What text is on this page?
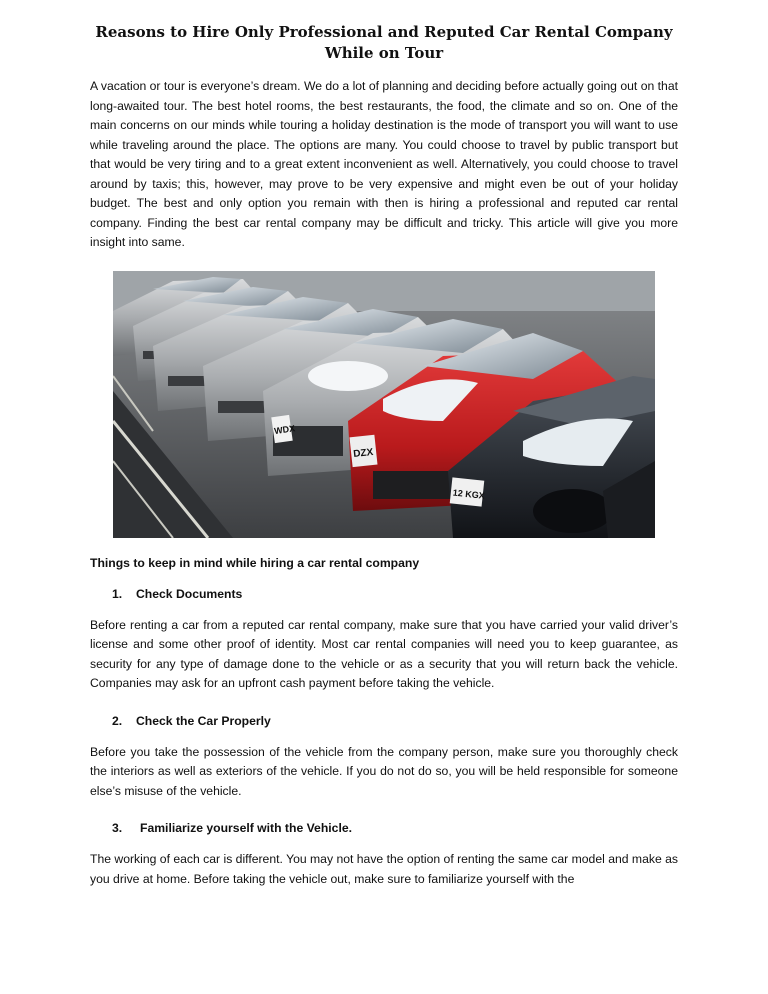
Reasons to Hire Only Professional and Reputed Car Rental Company
While on Tour

A vacation or tour is everyone’s dream. We do a lot of planning and deciding before actually going out on that long-awaited tour. The best hotel rooms, the best restaurants, the food, the climate and so on. One of the main concerns on our minds while touring a holiday destination is the mode of transport you will want to use while traveling around the place. The options are many. You could choose to travel by public transport but that would be very tiring and to a great extent inconvenient as well. Alternatively, you could choose to travel around by taxis; this, however, may prove to be very expensive and might even be out of your holiday budget. The best and only option you remain with then is hiring a professional and reputed car rental company. Finding the best car rental company may be difficult and tricky. This article will give you more insight into same.

WDX
DZX
12 KGX
Things to keep in mind while hiring a car rental company
1. Check Documents

Before renting a car from a reputed car rental company, make sure that you have carried your valid driver’s license and some other proof of identity. Most car rental companies will need you to keep guarantee, as security for any type of damage done to the vehicle or as a security that you will return back the vehicle. Companies may ask for an upfront cash payment before taking the vehicle.

2. Check the Car Properly

Before you take the possession of the vehicle from the company person, make sure you thoroughly check the interiors as well as exteriors of the vehicle. If you do not do so, you will be held responsible for someone else’s misuse of the vehicle.

3. Familiarize yourself with the Vehicle.

The working of each car is different. You may not have the option of renting the same car model and make as you drive at home. Before taking the vehicle out, make sure to familiarize yourself with the
